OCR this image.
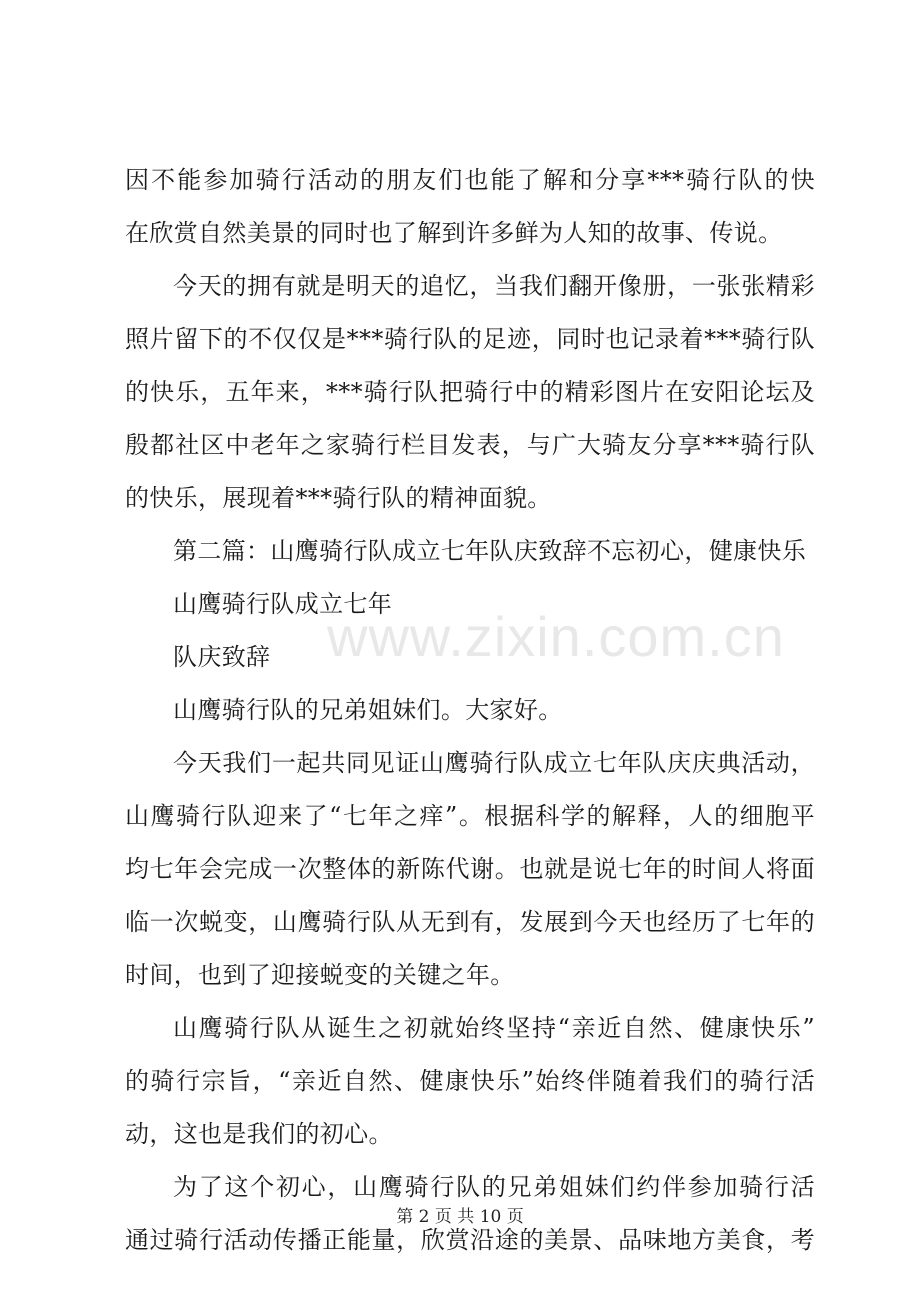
因不能参加骑行活动的朋友们也能了解和分享***骑行队的快
在欣赏自然美景的同时也了解到许多鲜为人知的故事、传说。
今天的拥有就是明天的追忆，当我们翻开像册，一张张精彩
照片留下的不仅仅是***骑行队的足迹，同时也记录着***骑行队
的快乐，五年来，***骑行队把骑行中的精彩图片在安阳论坛及
殷都社区中老年之家骑行栏目发表，与广大骑友分享***骑行队
的快乐，展现着***骑行队的精神面貌。
第二篇：山鹰骑行队成立七年队庆致辞不忘初心，健康快乐
山鹰骑行队成立七年
队庆致辞
山鹰骑行队的兄弟姐妹们。大家好。
今天我们一起共同见证山鹰骑行队成立七年队庆庆典活动，
山鹰骑行队迎来了“七年之痒”。根据科学的解释，人的细胞平
均七年会完成一次整体的新陈代谢。也就是说七年的时间人将面
临一次蜕变，山鹰骑行队从无到有，发展到今天也经历了七年的
时间，也到了迎接蜕变的关键之年。
山鹰骑行队从诞生之初就始终坚持“亲近自然、健康快乐”
的骑行宗旨，“亲近自然、健康快乐”始终伴随着我们的骑行活
动，这也是我们的初心。
为了这个初心，山鹰骑行队的兄弟姐妹们约伴参加骑行活
通过骑行活动传播正能量，欣赏沿途的美景、品味地方美食，考
www.zixin.com.cn
第 2 页 共 10 页
